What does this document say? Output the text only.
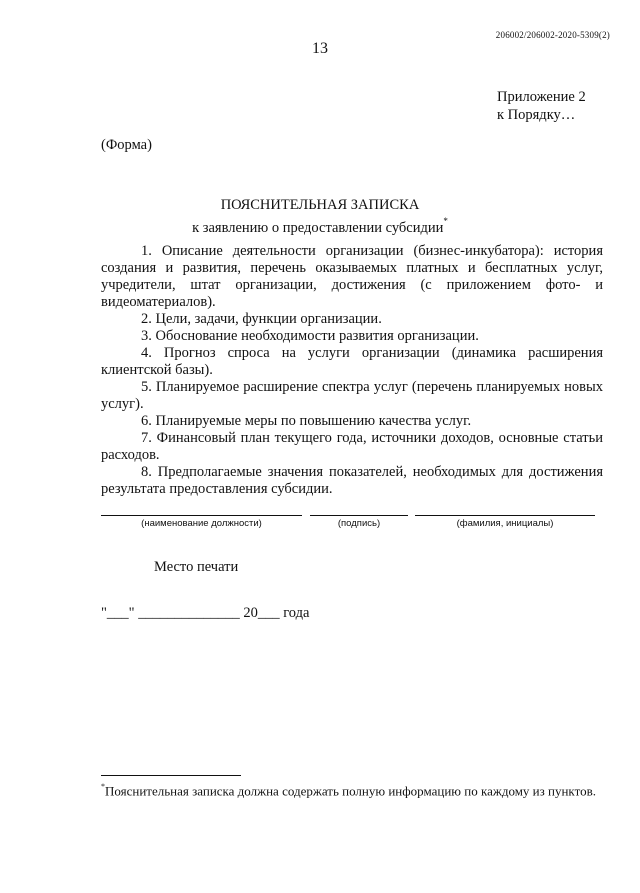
206002/206002-2020-5309(2)
13
Приложение 2
к Порядку…
(Форма)
ПОЯСНИТЕЛЬНАЯ ЗАПИСКА
к заявлению о предоставлении субсидии*

1. Описание деятельности организации (бизнес-инкубатора): история создания и развития, перечень оказываемых платных и бесплатных услуг, учредители, штат организации, достижения (с приложением фото- и видеоматериалов).

2. Цели, задачи, функции организации.

3. Обоснование необходимости развития организации.

4. Прогноз спроса на услуги организации (динамика расширения клиентской базы).

5. Планируемое расширение спектра услуг (перечень планируемых новых услуг).

6. Планируемые меры по повышению качества услуг.

7. Финансовый план текущего года, источники доходов, основные статьи расходов.

8. Предполагаемые значения показателей, необходимых для достижения результата предоставления субсидии.

(наименование должности)	(подпись)	(фамилия, инициалы)
Место печати
"___" ______________ 20___ года
*Пояснительная записка должна содержать полную информацию по каждому из пунктов.
